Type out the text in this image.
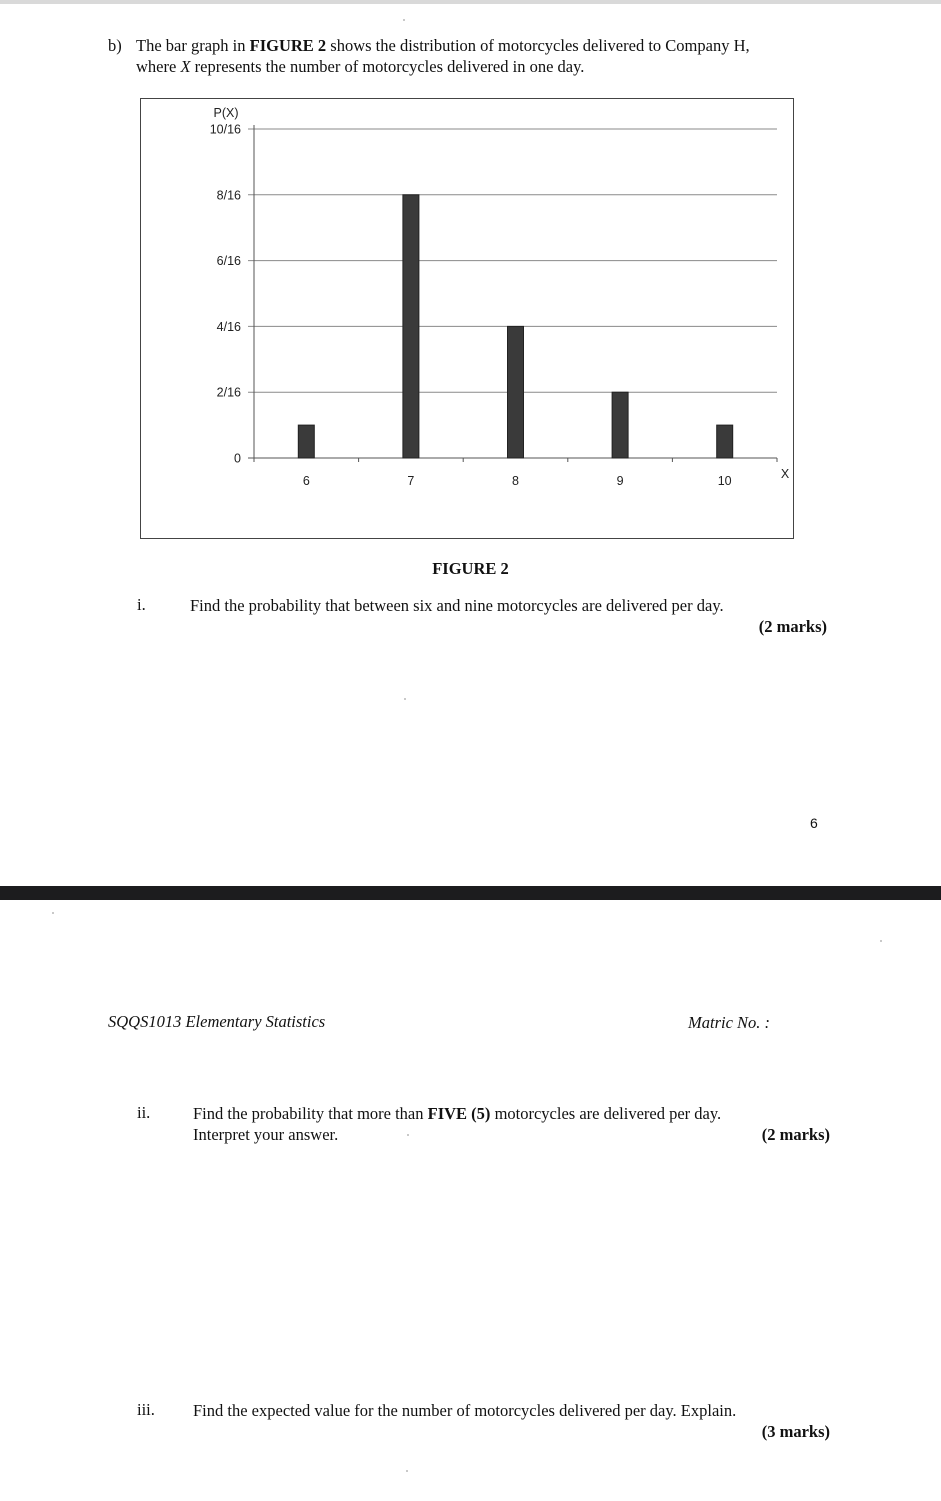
b) The bar graph in FIGURE 2 shows the distribution of motorcycles delivered to Company H,
where X represents the number of motorcycles delivered in one day.
0
2/16
4/16
6/16
8/16
10/16
P(X)
X
6	7	8	9	10
FIGURE 2
i.	Find the probability that between six and nine motorcycles are delivered per day.
(2 marks)
6
SQQS1013 Elementary Statistics	Matric No. :
ii.	Find the probability that more than FIVE (5) motorcycles are delivered per day.
Interpret your answer.	(2 marks)
iii. Find the expected value for the number of motorcycles delivered per day. Explain.
(3 marks)
